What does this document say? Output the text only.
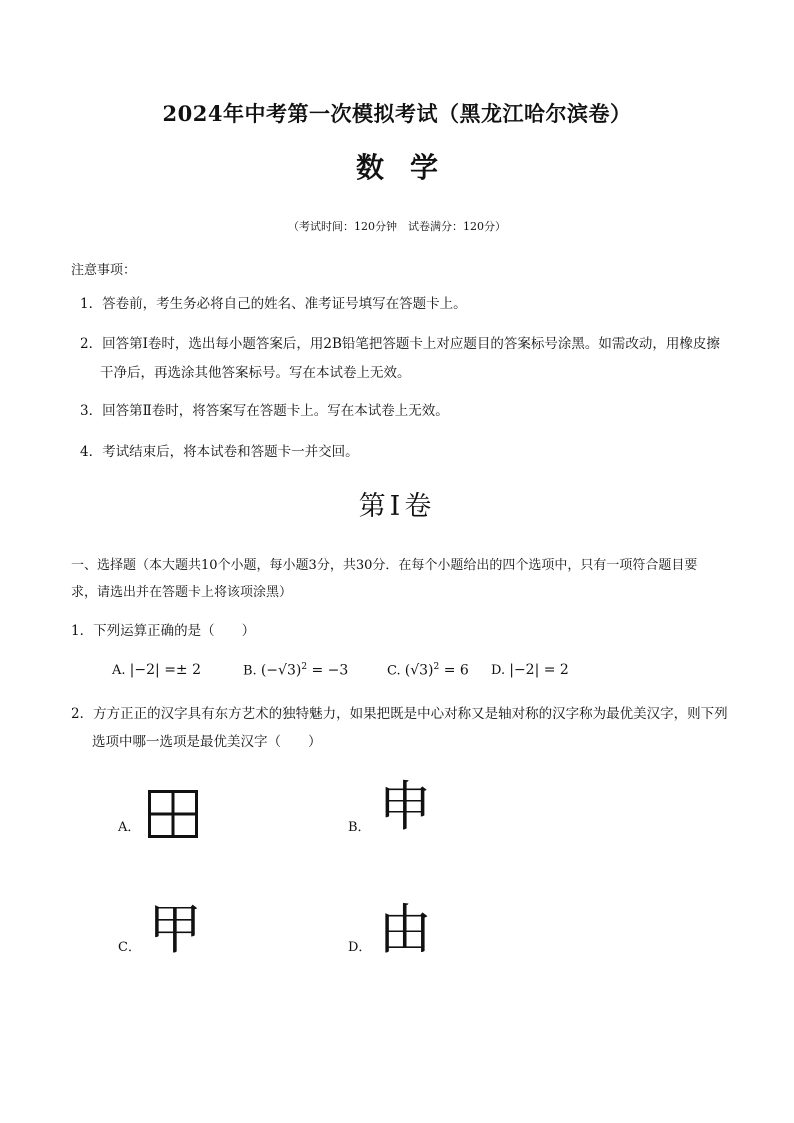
2024年中考第一次模拟考试（黑龙江哈尔滨卷）
数学
（考试时间：120分钟　试卷满分：120分）
注意事项：
1．答卷前，考生务必将自己的姓名、准考证号填写在答题卡上。
2．回答第Ⅰ卷时，选出每小题答案后，用2B铅笔把答题卡上对应题目的答案标号涂黑。如需改动，用橡皮擦干净后，再选涂其他答案标号。写在本试卷上无效。
3．回答第Ⅱ卷时，将答案写在答题卡上。写在本试卷上无效。
4．考试结束后，将本试卷和答题卡一并交回。
第Ⅰ卷
一、选择题（本大题共10个小题，每小题3分，共30分．在每个小题给出的四个选项中，只有一项符合题目要求，请选出并在答题卡上将该项涂黑）
1．下列运算正确的是（　　）
A. |−2| =± 2	B. $(-√3)^2 = -3$	C. $(√3)^2 = 6$ D. |−2| = 2
2．方方正正的汉字具有东方艺术的独特魅力，如果把既是中心对称又是轴对称的汉字称为最优美汉字，则下列选项中哪一选项是最优美汉字（　　）
A．	B． 申
C． 甲	D． 由
